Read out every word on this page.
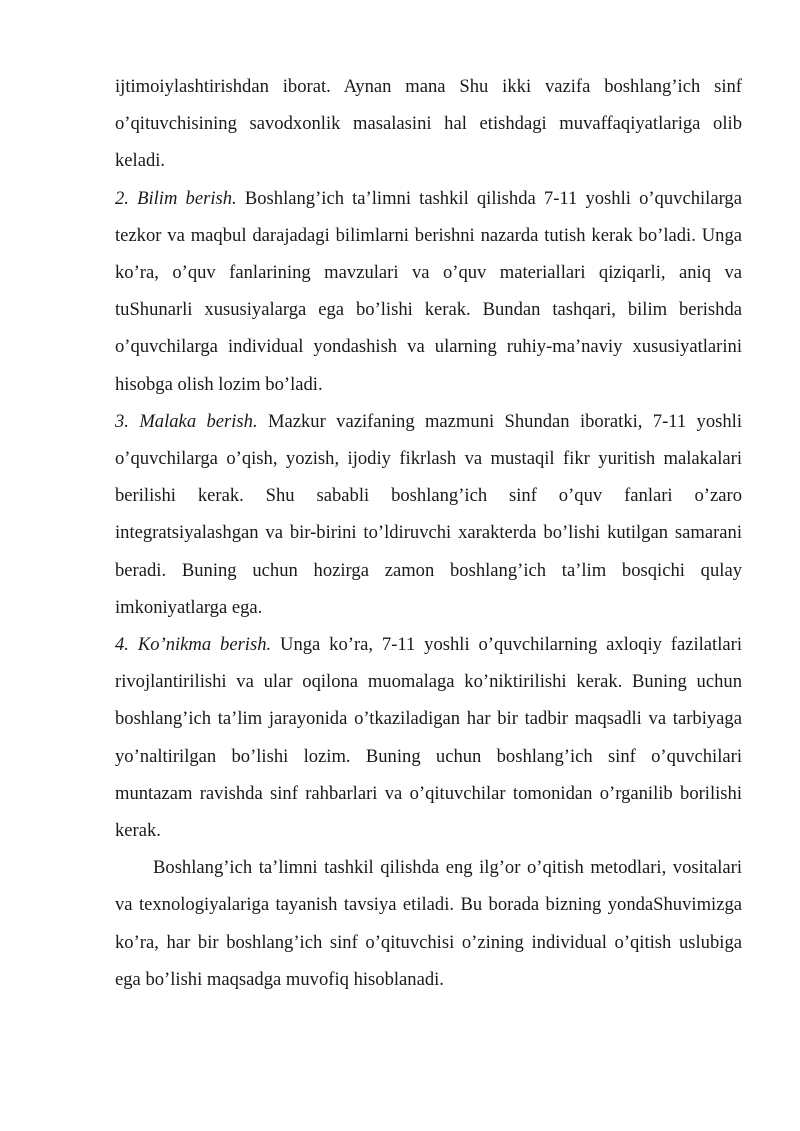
ijtimoiylashtirishdan iborat. Aynan mana Shu ikki vazifa boshlang’ich sinf o’qituvchisining savodxonlik masalasini hal etishdagi muvaffaqiyatlariga olib keladi.

2. Bilim berish. Boshlang’ich ta’limni tashkil qilishda 7-11 yoshli o’quvchilarga tezkor va maqbul darajadagi bilimlarni berishni nazarda tutish kerak bo’ladi. Unga ko’ra, o’quv fanlarining mavzulari va o’quv materiallari qiziqarli, aniq va tuShunarli xususiyalarga ega bo’lishi kerak. Bundan tashqari, bilim berishda o’quvchilarga individual yondashish va ularning ruhiy-ma’naviy xususiyatlarini hisobga olish lozim bo’ladi.

3. Malaka berish. Mazkur vazifaning mazmuni Shundan iboratki, 7-11 yoshli o’quvchilarga o’qish, yozish, ijodiy fikrlash va mustaqil fikr yuritish malakalari berilishi kerak. Shu sababli boshlang’ich sinf o’quv fanlari o’zaro integratsiyalashgan va bir-birini to’ldiruvchi xarakterda bo’lishi kutilgan samarani beradi. Buning uchun hozirga zamon boshlang’ich ta’lim bosqichi qulay imkoniyatlarga ega.

4. Ko’nikma berish. Unga ko’ra, 7-11 yoshli o’quvchilarning axloqiy fazilatlari rivojlantirilishi va ular oqilona muomalaga ko’niktirilishi kerak. Buning uchun boshlang’ich ta’lim jarayonida o’tkaziladigan har bir tadbir maqsadli va tarbiyaga yo’naltirilgan bo’lishi lozim. Buning uchun boshlang’ich sinf o’quvchilari muntazam ravishda sinf rahbarlari va o’qituvchilar tomonidan o’rganilib borilishi kerak.

Boshlang’ich ta’limni tashkil qilishda eng ilg’or o’qitish metodlari, vositalari va texnologiyalariga tayanish tavsiya etiladi. Bu borada bizning yondaShuvimizga ko’ra, har bir boshlang’ich sinf o’qituvchisi o’zining individual o’qitish uslubiga ega bo’lishi maqsadga muvofiq hisoblanadi.
